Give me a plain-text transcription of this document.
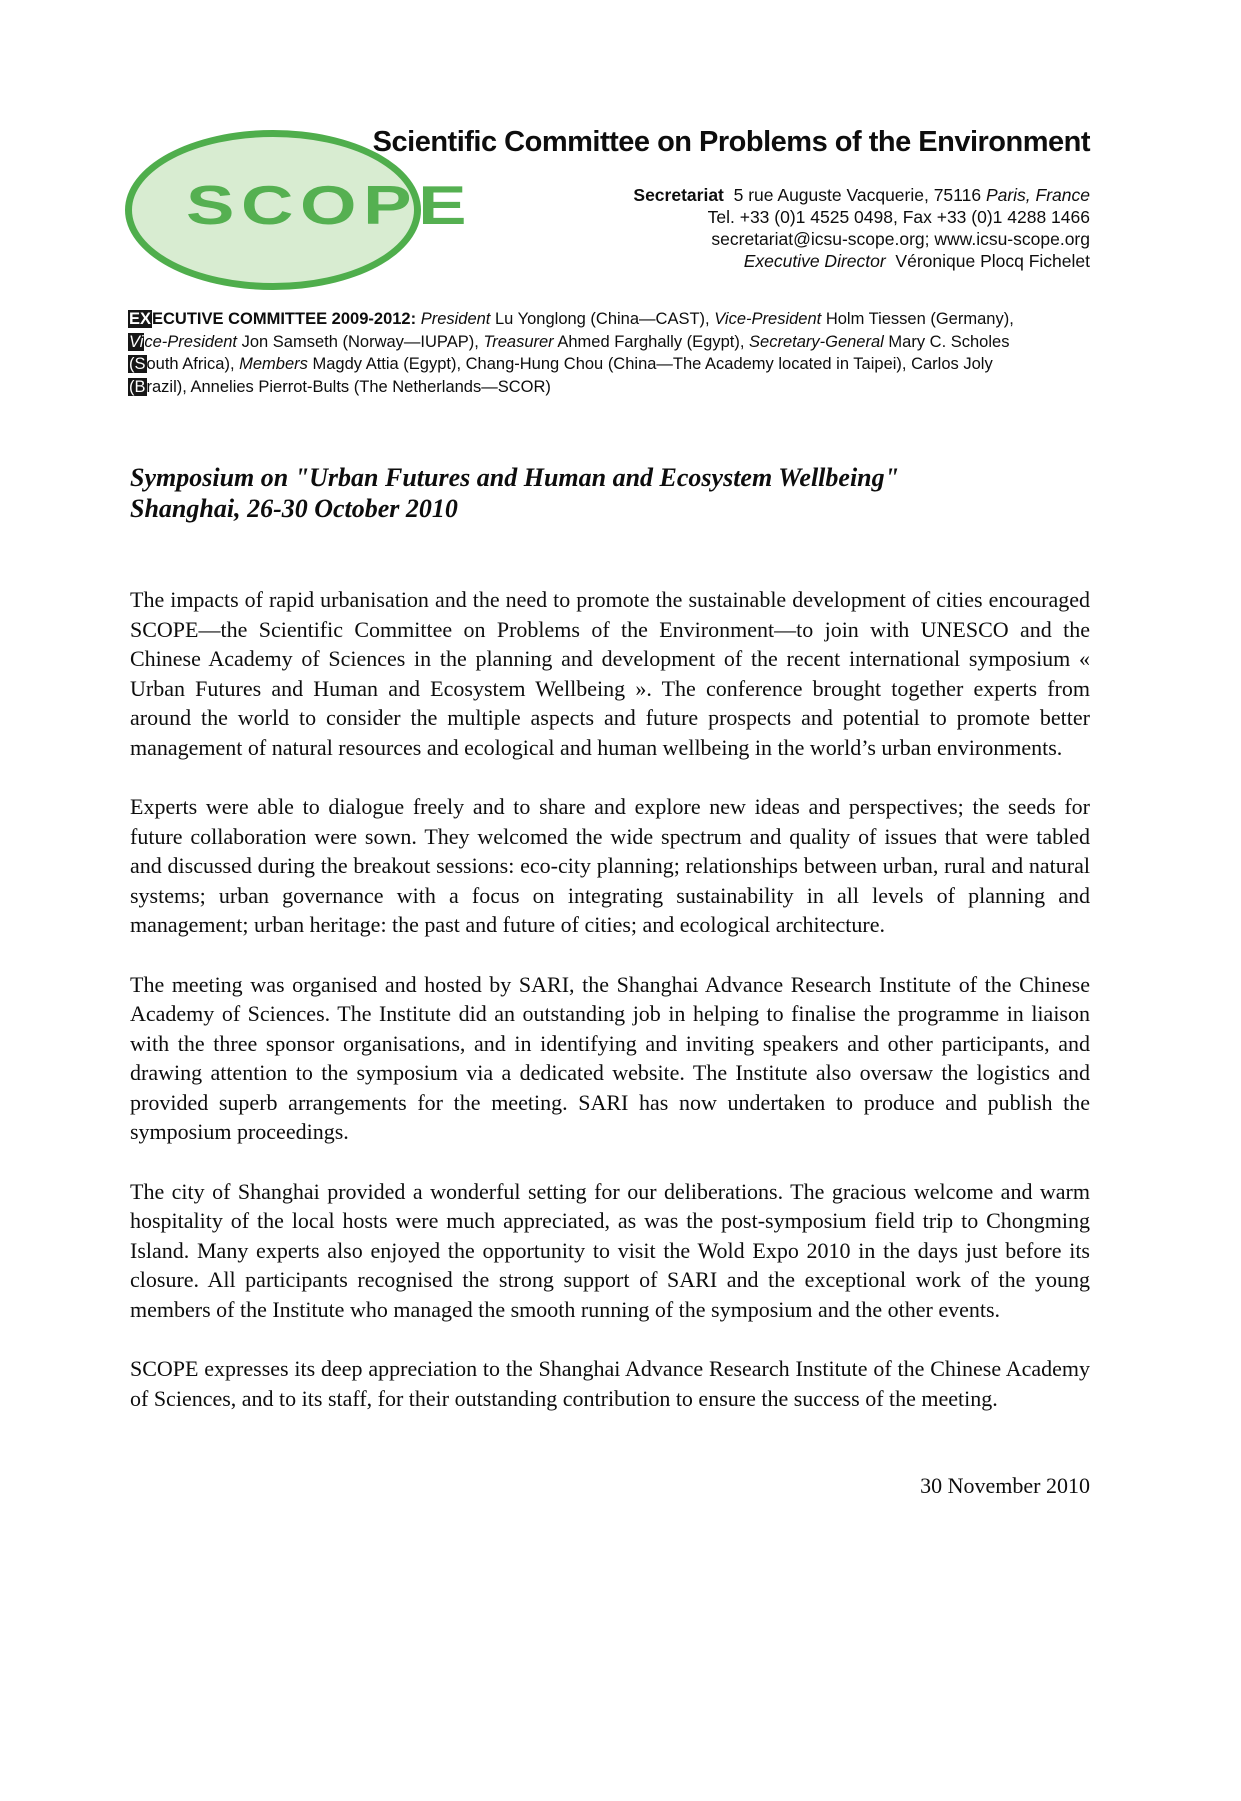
SCOPE
Scientific Committee on Problems of the Environment
Secretariat  5 rue Auguste Vacquerie, 75116 Paris, France
Tel. +33 (0)1 4525 0498, Fax +33 (0)1 4288 1466
secretariat@icsu-scope.org; www.icsu-scope.org
Executive Director  Véronique Plocq Fichelet
EXECUTIVE COMMITTEE 2009-2012: President Lu Yonglong (China—CAST), Vice-President Holm Tiessen (Germany),
Vice-President Jon Samseth (Norway—IUPAP), Treasurer Ahmed Farghally (Egypt), Secretary-General Mary C. Scholes
(South Africa), Members Magdy Attia (Egypt), Chang-Hung Chou (China—The Academy located in Taipei), Carlos Joly
(Brazil), Annelies Pierrot-Bults (The Netherlands—SCOR)
Symposium on "Urban Futures and Human and Ecosystem Wellbeing"
Shanghai, 26-30 October 2010

The impacts of rapid urbanisation and the need to promote the sustainable development of cities encouraged SCOPE—the Scientific Committee on Problems of the Environment—to join with UNESCO and the Chinese Academy of Sciences in the planning and development of the recent international symposium « Urban Futures and Human and Ecosystem Wellbeing ». The conference brought together experts from around the world to consider the multiple aspects and future prospects and potential to promote better management of natural resources and ecological and human wellbeing in the world’s urban environments.

Experts were able to dialogue freely and to share and explore new ideas and perspectives; the seeds for future collaboration were sown. They welcomed the wide spectrum and quality of issues that were tabled and discussed during the breakout sessions: eco-city planning; relationships between urban, rural and natural systems; urban governance with a focus on integrating sustainability in all levels of planning and management; urban heritage: the past and future of cities; and ecological architecture.

The meeting was organised and hosted by SARI, the Shanghai Advance Research Institute of the Chinese Academy of Sciences. The Institute did an outstanding job in helping to finalise the programme in liaison with the three sponsor organisations, and in identifying and inviting speakers and other participants, and drawing attention to the symposium via a dedicated website. The Institute also oversaw the logistics and provided superb arrangements for the meeting. SARI has now undertaken to produce and publish the symposium proceedings.

The city of Shanghai provided a wonderful setting for our deliberations. The gracious welcome and warm hospitality of the local hosts were much appreciated, as was the post-symposium field trip to Chongming Island. Many experts also enjoyed the opportunity to visit the Wold Expo 2010 in the days just before its closure. All participants recognised the strong support of SARI and the exceptional work of the young members of the Institute who managed the smooth running of the symposium and the other events.

SCOPE expresses its deep appreciation to the Shanghai Advance Research Institute of the Chinese Academy of Sciences, and to its staff, for their outstanding contribution to ensure the success of the meeting.

30 November 2010
